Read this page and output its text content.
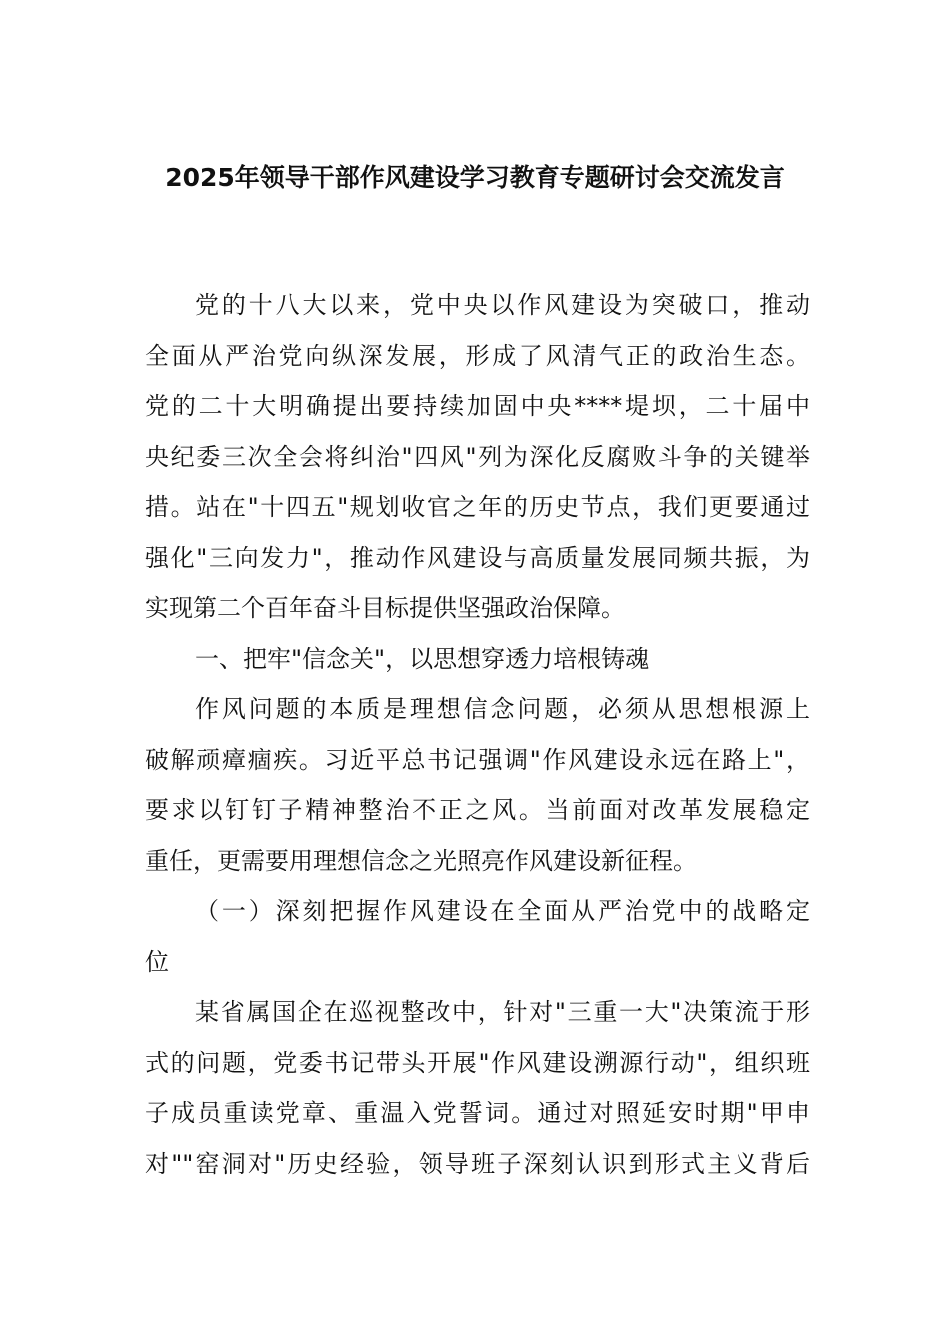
2025年领导干部作风建设学习教育专题研讨会交流发言

党的十八大以来，党中央以作风建设为突破口，推动
全面从严治党向纵深发展，形成了风清气正的政治生态。
党的二十大明确提出要持续加固中央****堤坝，二十届中
央纪委三次全会将纠治"四风"列为深化反腐败斗争的关键举
措。站在"十四五"规划收官之年的历史节点，我们更要通过
强化"三向发力"，推动作风建设与高质量发展同频共振，为
实现第二个百年奋斗目标提供坚强政治保障。

一、把牢"信念关"，以思想穿透力培根铸魂

作风问题的本质是理想信念问题，必须从思想根源上
破解顽瘴痼疾。习近平总书记强调"作风建设永远在路上"，
要求以钉钉子精神整治不正之风。当前面对改革发展稳定
重任，更需要用理想信念之光照亮作风建设新征程。

（一）深刻把握作风建设在全面从严治党中的战略定
位

某省属国企在巡视整改中，针对"三重一大"决策流于形
式的问题，党委书记带头开展"作风建设溯源行动"，组织班
子成员重读党章、重温入党誓词。通过对照延安时期"甲申
对""窑洞对"历史经验，领导班子深刻认识到形式主义背后
